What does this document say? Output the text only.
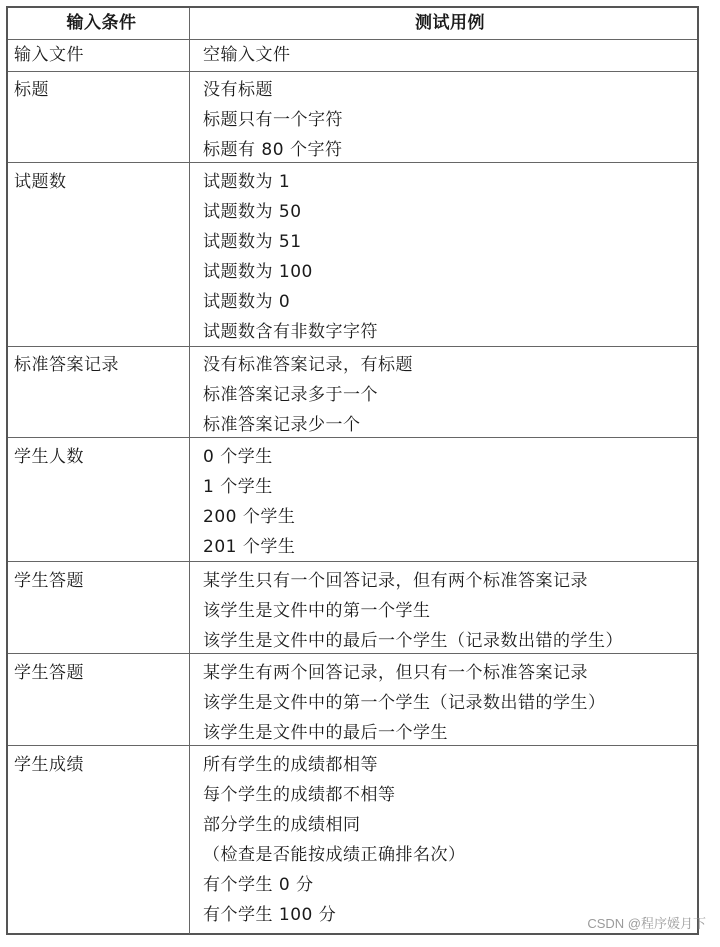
输入条件	测试用例
输入文件	空输入文件
标题	没有标题
标题只有一个字符
标题有 80 个字符
试题数	试题数为 1
试题数为 50
试题数为 51
试题数为 100
试题数为 0
试题数含有非数字字符
标准答案记录	没有标准答案记录，有标题
标准答案记录多于一个
标准答案记录少一个
学生人数	0 个学生
1 个学生
200 个学生
201 个学生
学生答题	某学生只有一个回答记录，但有两个标准答案记录
该学生是文件中的第一个学生
该学生是文件中的最后一个学生（记录数出错的学生）
学生答题	某学生有两个回答记录，但只有一个标准答案记录
该学生是文件中的第一个学生（记录数出错的学生）
该学生是文件中的最后一个学生
学生成绩	所有学生的成绩都相等
每个学生的成绩都不相等
部分学生的成绩相同
（检查是否能按成绩正确排名次）
有个学生 0 分
有个学生 100 分	CSDN @程序媛月下
